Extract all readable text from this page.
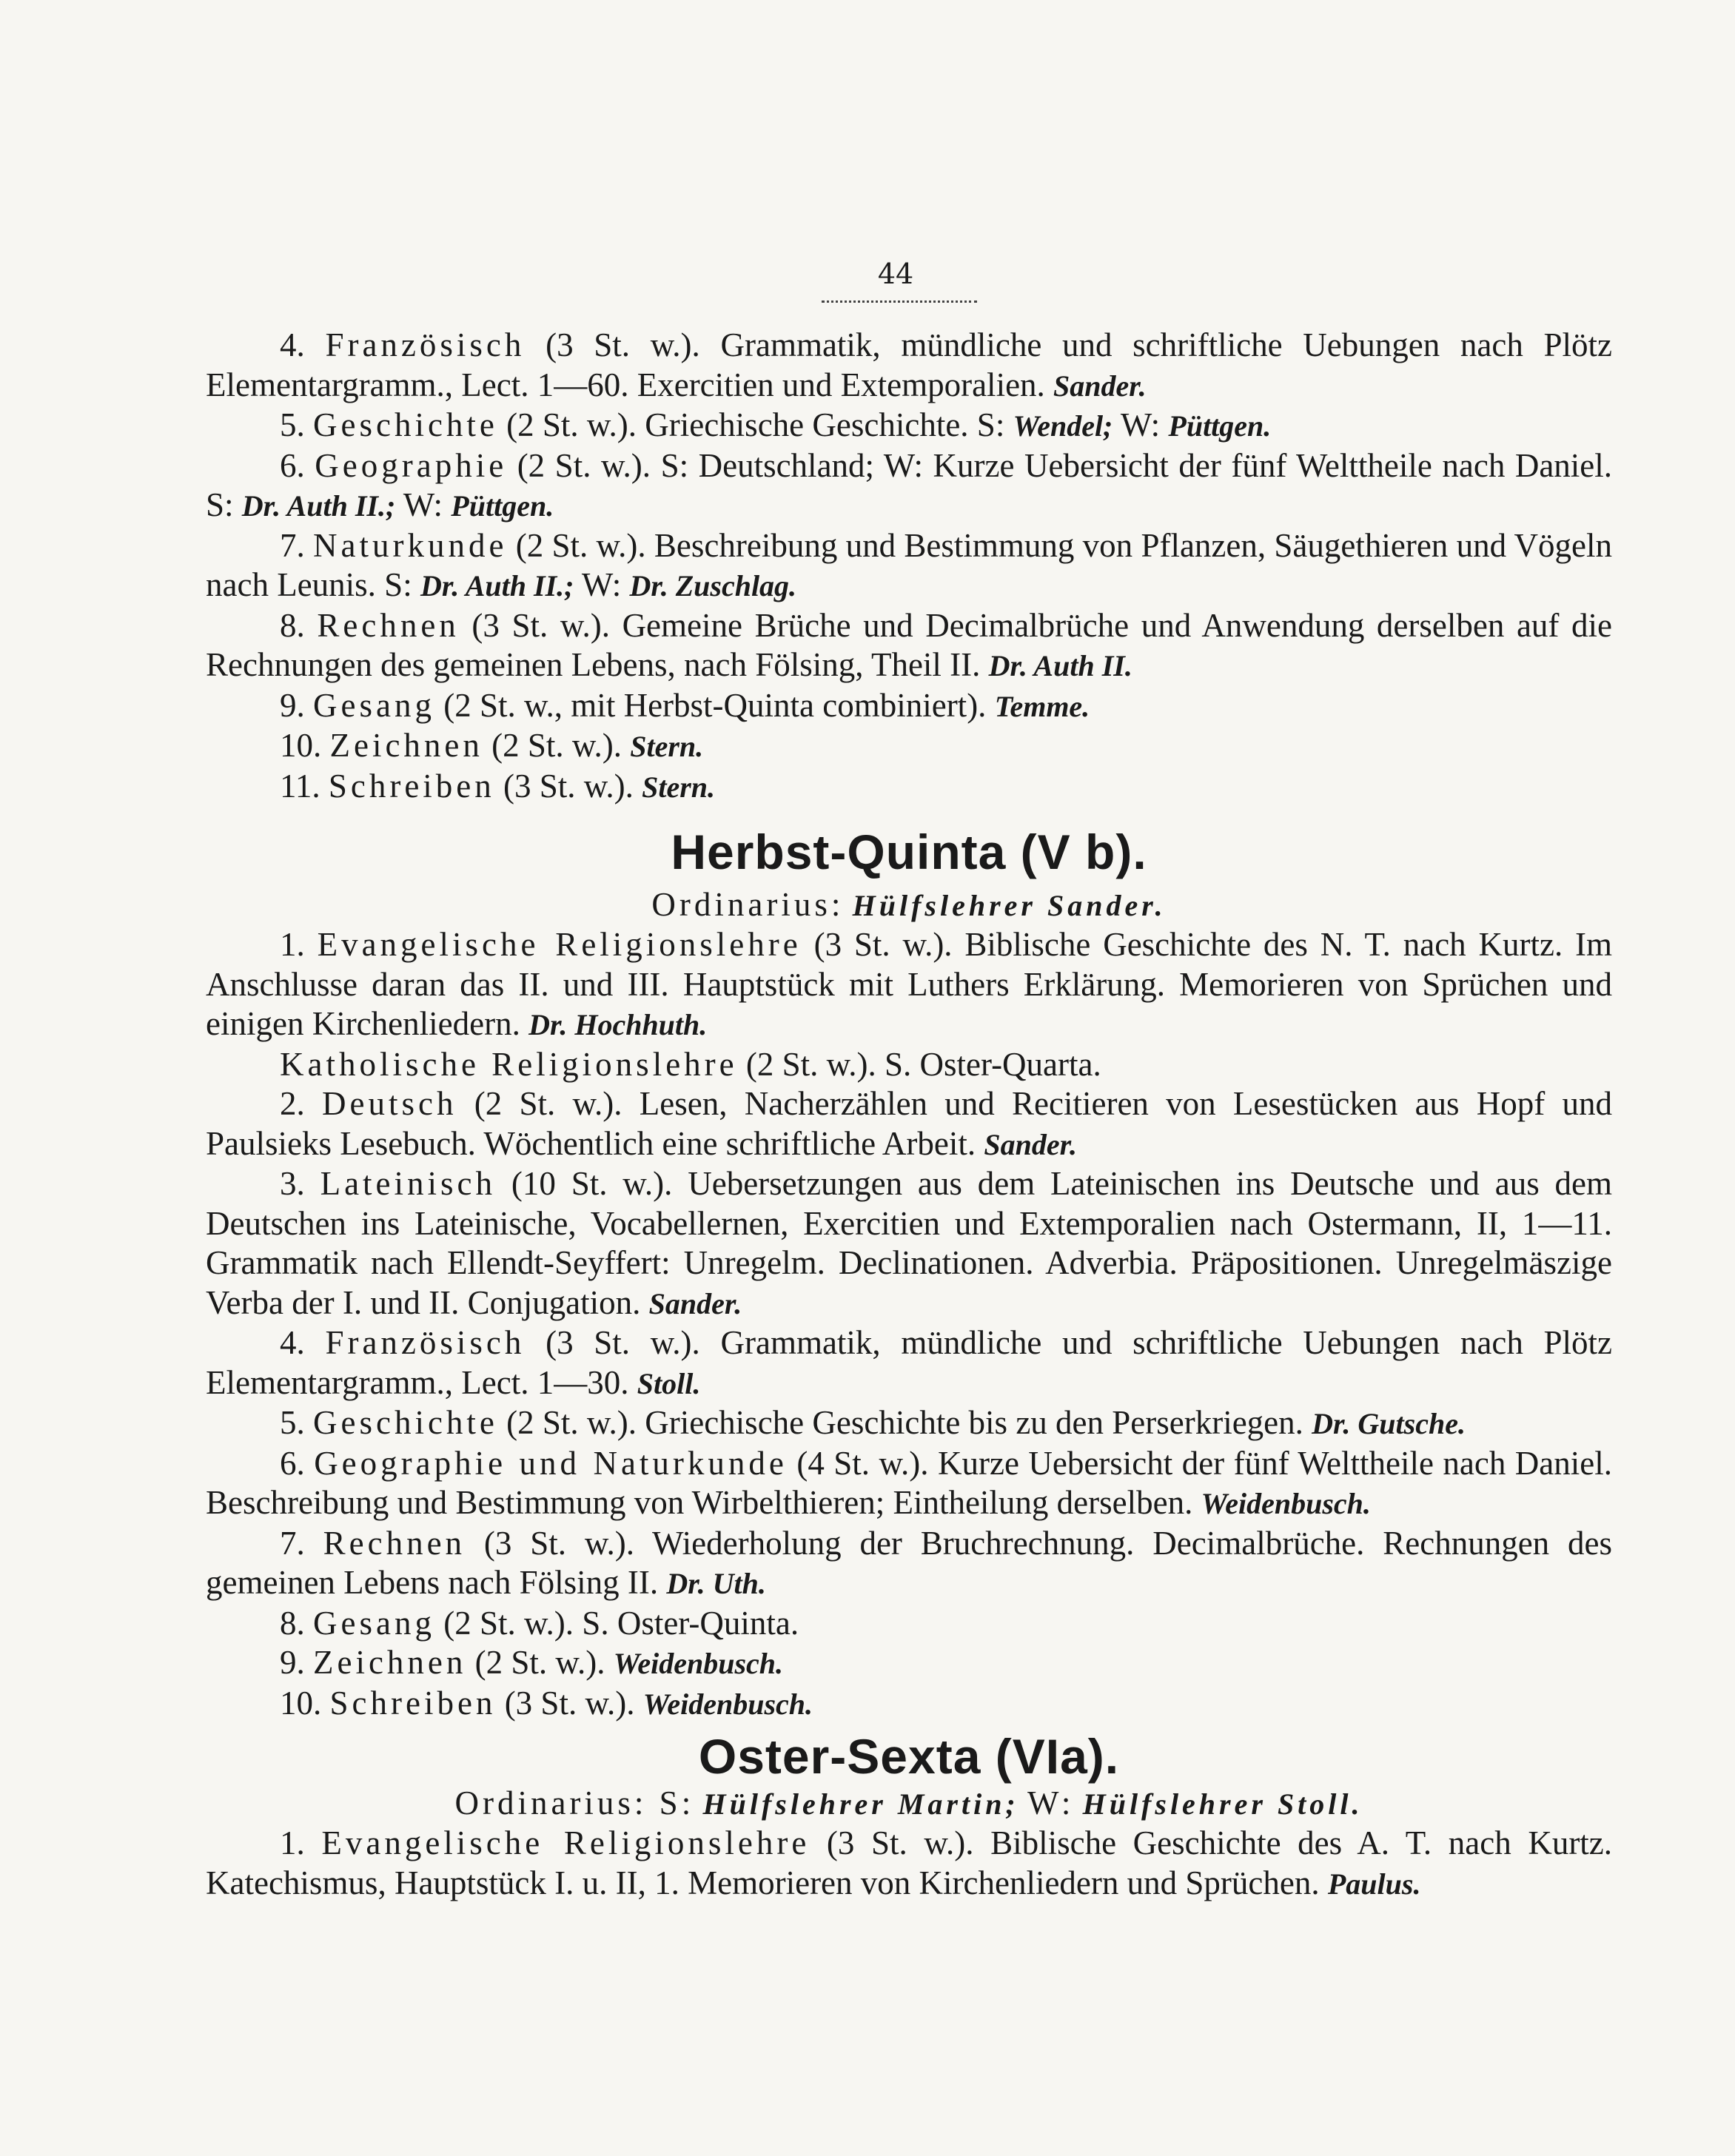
44
4. Französisch (3 St. w.). Grammatik, mündliche und schriftliche Uebungen nach Plötz Elementargramm., Lect. 1—60. Exercitien und Extemporalien. Sander.
5. Geschichte (2 St. w.). Griechische Geschichte. S: Wendel; W: Püttgen.
6. Geographie (2 St. w.). S: Deutschland; W: Kurze Uebersicht der fünf Welttheile nach Daniel. S: Dr. Auth II.; W: Püttgen.
7. Naturkunde (2 St. w.). Beschreibung und Bestimmung von Pflanzen, Säugethieren und Vögeln nach Leunis. S: Dr. Auth II.; W: Dr. Zuschlag.
8. Rechnen (3 St. w.). Gemeine Brüche und Decimalbrüche und Anwendung derselben auf die Rechnungen des gemeinen Lebens, nach Fölsing, Theil II. Dr. Auth II.
9. Gesang (2 St. w., mit Herbst-Quinta combiniert). Temme.
10. Zeichnen (2 St. w.). Stern.
11. Schreiben (3 St. w.). Stern.
Herbst-Quinta (V b).
Ordinarius: Hülfslehrer Sander.
1. Evangelische Religionslehre (3 St. w.). Biblische Geschichte des N. T. nach Kurtz. Im Anschlusse daran das II. und III. Hauptstück mit Luthers Erklärung. Memorieren von Sprüchen und einigen Kirchenliedern. Dr. Hochhuth.
Katholische Religionslehre (2 St. w.). S. Oster-Quarta.
2. Deutsch (2 St. w.). Lesen, Nacherzählen und Recitieren von Lesestücken aus Hopf und Paulsieks Lesebuch. Wöchentlich eine schriftliche Arbeit. Sander.
3. Lateinisch (10 St. w.). Uebersetzungen aus dem Lateinischen ins Deutsche und aus dem Deutschen ins Lateinische, Vocabellernen, Exercitien und Extemporalien nach Ostermann, II, 1—11. Grammatik nach Ellendt-Seyffert: Unregelm. Declinationen. Adverbia. Präpositionen. Unregelmäszige Verba der I. und II. Conjugation. Sander.
4. Französisch (3 St. w.). Grammatik, mündliche und schriftliche Uebungen nach Plötz Elementargramm., Lect. 1—30. Stoll.
5. Geschichte (2 St. w.). Griechische Geschichte bis zu den Perserkriegen. Dr. Gutsche.
6. Geographie und Naturkunde (4 St. w.). Kurze Uebersicht der fünf Welttheile nach Daniel. Beschreibung und Bestimmung von Wirbelthieren; Eintheilung derselben. Weidenbusch.
7. Rechnen (3 St. w.). Wiederholung der Bruchrechnung. Decimalbrüche. Rechnungen des gemeinen Lebens nach Fölsing II. Dr. Uth.
8. Gesang (2 St. w.). S. Oster-Quinta.
9. Zeichnen (2 St. w.). Weidenbusch.
10. Schreiben (3 St. w.). Weidenbusch.
Oster-Sexta (VIa).
Ordinarius: S: Hülfslehrer Martin; W: Hülfslehrer Stoll.
1. Evangelische Religionslehre (3 St. w.). Biblische Geschichte des A. T. nach Kurtz. Katechismus, Hauptstück I. u. II, 1. Memorieren von Kirchenliedern und Sprüchen. Paulus.
